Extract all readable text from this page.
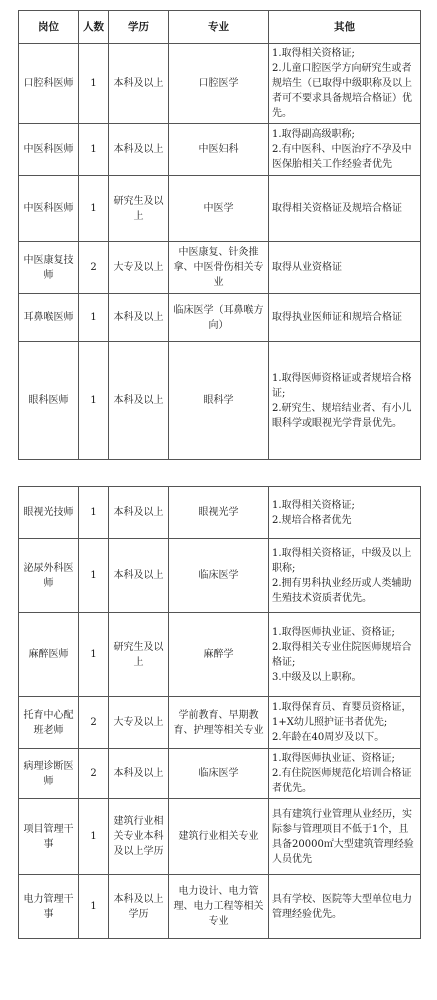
岗位	人数	学历	专业	其他
口腔科医师	1	本科及以上	口腔医学	1.取得相关资格证;

2.儿童口腔医学方向研究生或者规培生（已取得中级职称及以上者可不要求具备规培合格证）优先。

中医科医师	1	本科及以上	中医妇科	1.取得副高级职称;

2.有中医科、中医治疗不孕及中医保胎相关工作经验者优先

中医科医师	1	研究生及以上	中医学	取得相关资格证及规培合格证

中医康复技师	2	大专及以上	中医康复、针灸推拿、中医骨伤相关专业	取得从业资格证

耳鼻喉医师	1	本科及以上	临床医学（耳鼻喉方向）	取得执业医师证和规培合格证

眼科医师	1	本科及以上	眼科学	1.取得医师资格证或者规培合格证;

2.研究生、规培结业者、有小儿眼科学或眼视光学背景优先。

眼视光技师	1	本科及以上	眼视光学	1.取得相关资格证;

2.规培合格者优先

泌尿外科医师	1	本科及以上	临床医学	1.取得相关资格证，中级及以上职称;

2.拥有男科执业经历或人类辅助生殖技术资质者优先。

麻醉医师	1	研究生及以上	麻醉学	1.取得医师执业证、资格证;

2.取得相关专业住院医师规培合格证;

3.中级及以上职称。

托育中心配班老师	2	大专及以上	学前教育、早期教育、护理等相关专业	1.取得保育员、育婴员资格证，1+X幼儿照护证书者优先;

2.年龄在40周岁及以下。

病理诊断医师	2	本科及以上	临床医学	1.取得医师执业证、资格证;

2.有住院医师规范化培训合格证者优先。

项目管理干事	1	建筑行业相关专业本科及以上学历	建筑行业相关专业	具有建筑行业管理从业经历，实际参与管理项目不低于1个，且具备20000㎡大型建筑管理经验人员优先

电力管理干事	1	本科及以上学历	电力设计、电力管理、电力工程等相关专业	具有学校、医院等大型单位电力管理经验优先。
